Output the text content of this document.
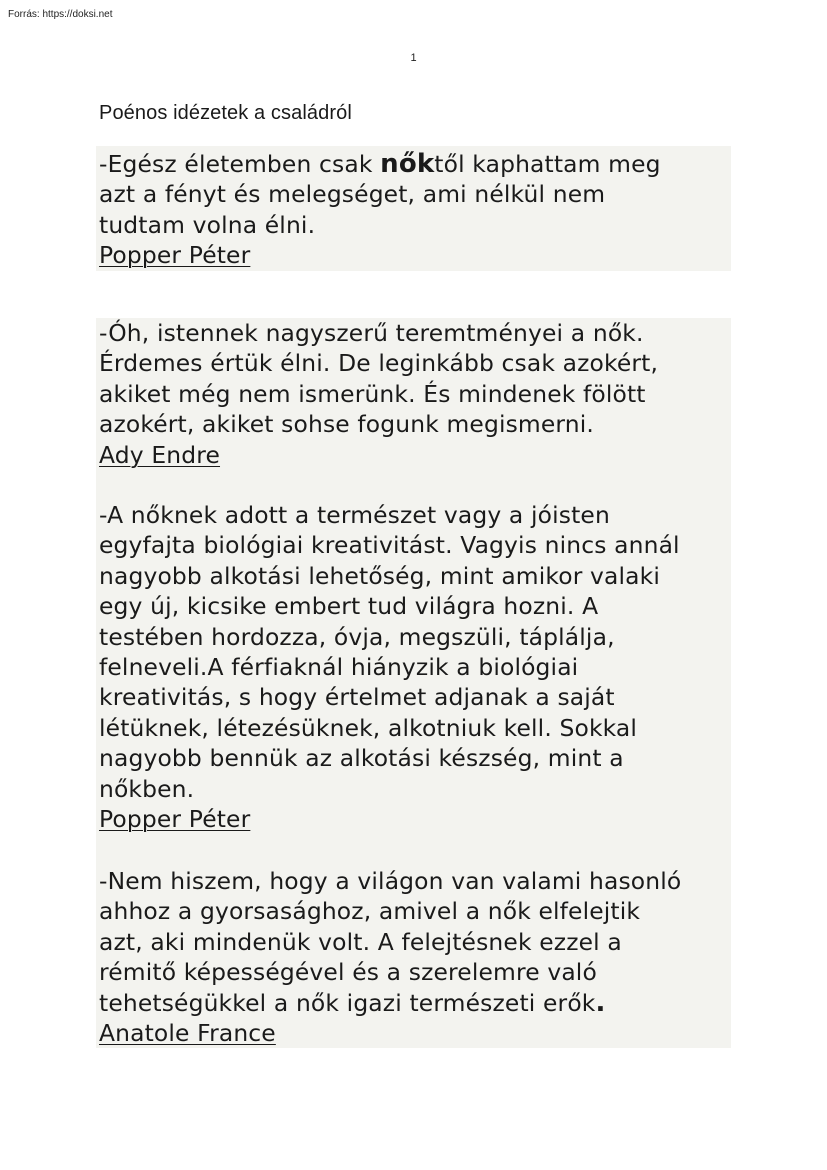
Forrás: https://doksi.net
1
Poénos idézetek a családról
-Egész életemben csak nőktől kaphattam meg
azt a fényt és melegséget, ami nélkül nem
tudtam volna élni.
Popper Péter
-Óh, istennek nagyszerű teremtményei a nők.
Érdemes értük élni. De leginkább csak azokért,
akiket még nem ismerünk. És mindenek fölött
azokért, akiket sohse fogunk megismerni.
Ady Endre
-A nőknek adott a természet vagy a jóisten
egyfajta biológiai kreativitást. Vagyis nincs annál
nagyobb alkotási lehetőség, mint amikor valaki
egy új, kicsike embert tud világra hozni. A
testében hordozza, óvja, megszüli, táplálja,
felneveli.A férfiaknál hiányzik a biológiai
kreativitás, s hogy értelmet adjanak a saját
létüknek, létezésüknek, alkotniuk kell. Sokkal
nagyobb bennük az alkotási készség, mint a
nőkben.
Popper Péter
-Nem hiszem, hogy a világon van valami hasonló
ahhoz a gyorsasághoz, amivel a nők elfelejtik
azt, aki mindenük volt. A felejtésnek ezzel a
rémitő képességével és a szerelemre való
tehetségükkel a nők igazi természeti erők.
Anatole France
